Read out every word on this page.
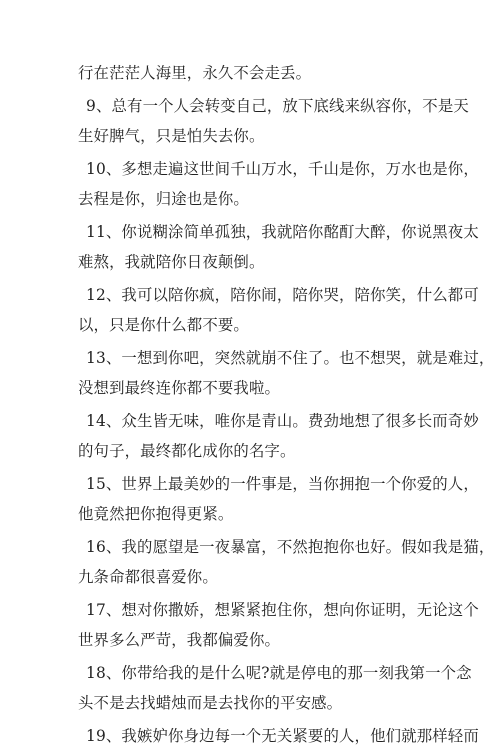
行在茫茫人海里，永久不会走丢。
9、总有一个人会转变自己，放下底线来纵容你，不是天
生好脾气，只是怕失去你。
10、多想走遍这世间千山万水，千山是你，万水也是你，
去程是你，归途也是你。
11、你说糊涂简单孤独，我就陪你酩酊大醉，你说黑夜太
难熬，我就陪你日夜颠倒。
12、我可以陪你疯，陪你闹，陪你哭，陪你笑，什么都可
以，只是你什么都不要。
13、一想到你吧，突然就崩不住了。也不想哭，就是难过，
没想到最终连你都不要我啦。
14、众生皆无味，唯你是青山。费劲地想了很多长而奇妙
的句子，最终都化成你的名字。
15、世界上最美妙的一件事是，当你拥抱一个你爱的人，
他竟然把你抱得更紧。
16、我的愿望是一夜暴富，不然抱抱你也好。假如我是猫，
九条命都很喜爱你。
17、想对你撒娇，想紧紧抱住你，想向你证明，无论这个
世界多么严苛，我都偏爱你。
18、你带给我的是什么呢?就是停电的那一刻我第一个念
头不是去找蜡烛而是去找你的平安感。
19、我嫉妒你身边每一个无关紧要的人，他们就那样轻而
